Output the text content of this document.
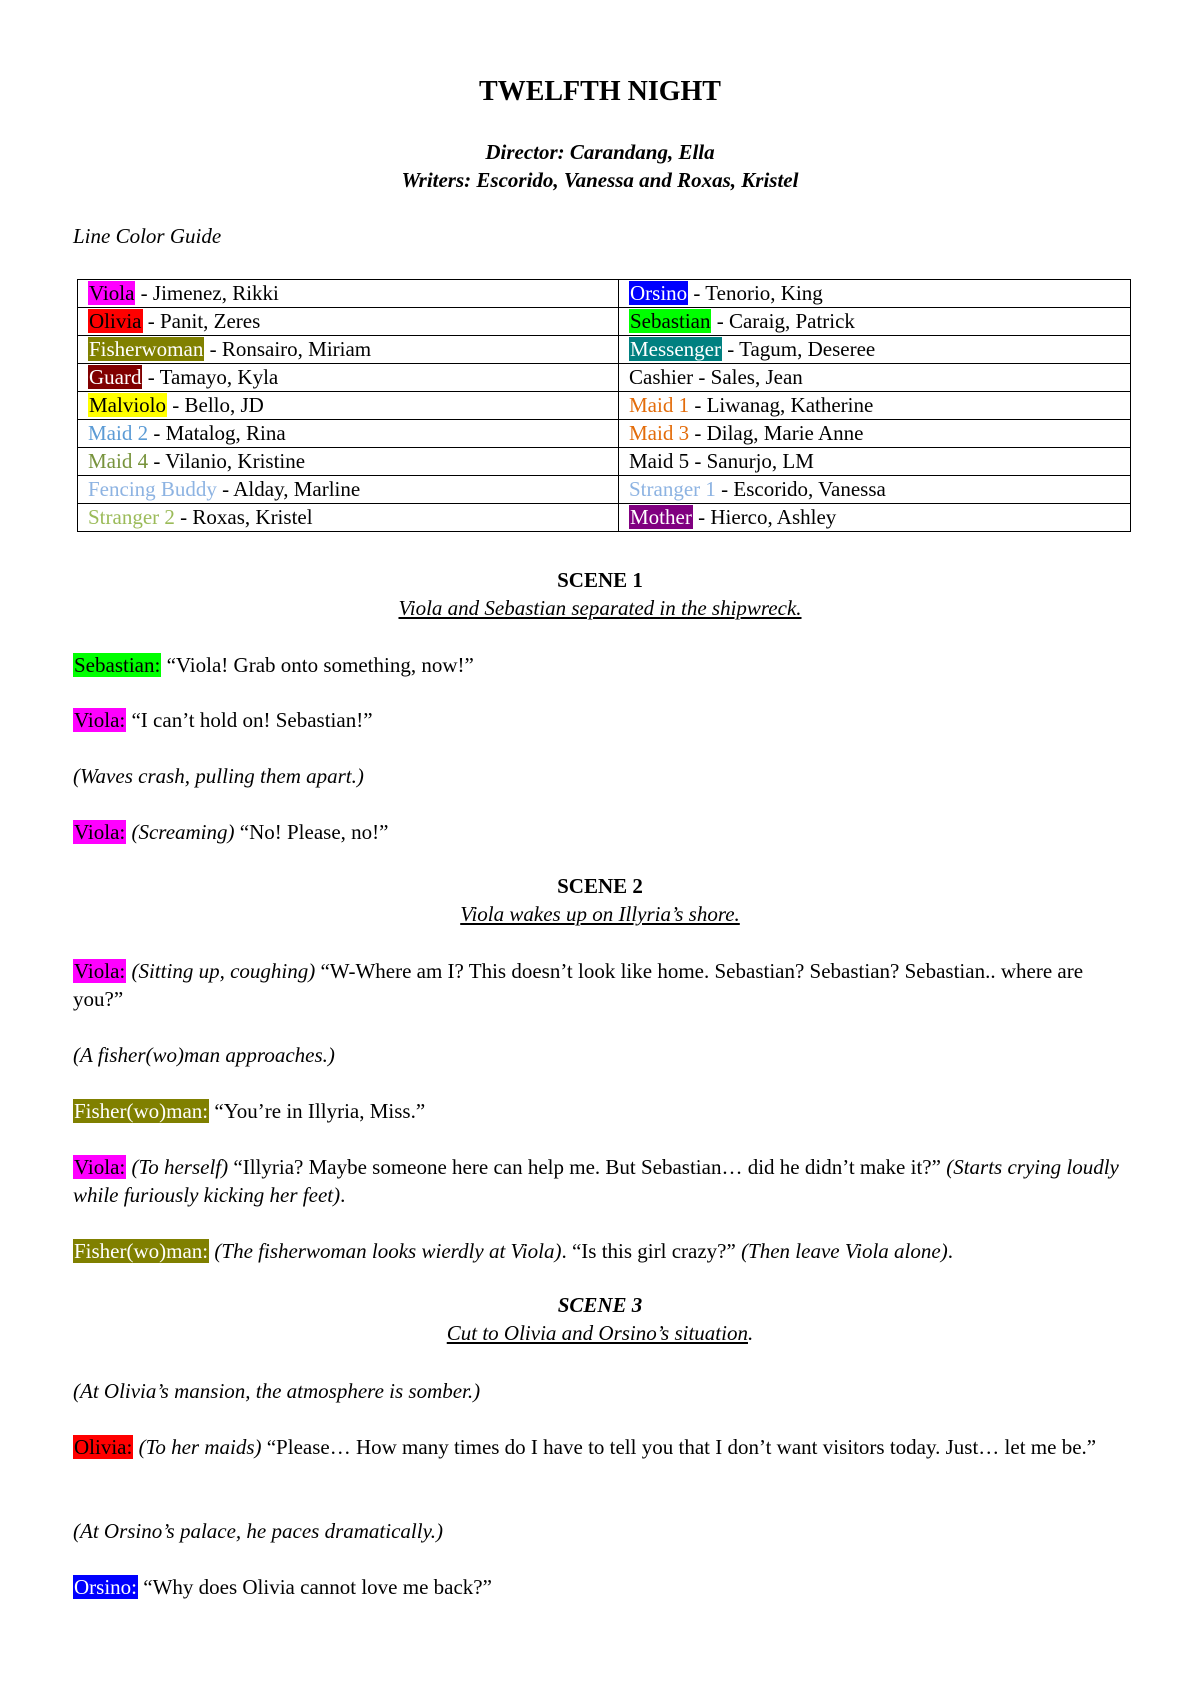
TWELFTH NIGHT
Director: Carandang, Ella
Writers: Escorido, Vanessa and Roxas, Kristel
Line Color Guide
Viola - Jimenez, Rikki	Orsino - Tenorio, King
Olivia - Panit, Zeres	Sebastian - Caraig, Patrick
Fisherwoman - Ronsairo, Miriam	Messenger - Tagum, Deseree
Guard - Tamayo, Kyla	Cashier - Sales, Jean
Malviolo - Bello, JD	Maid 1 - Liwanag, Katherine
Maid 2 - Matalog, Rina	Maid 3 - Dilag, Marie Anne
Maid 4 - Vilanio, Kristine	Maid 5 - Sanurjo, LM
Fencing Buddy - Alday, Marline	Stranger 1 - Escorido, Vanessa
Stranger 2 - Roxas, Kristel	Mother - Hierco, Ashley
SCENE 1
Viola and Sebastian separated in the shipwreck.
Sebastian: “Viola! Grab onto something, now!”
Viola: “I can’t hold on! Sebastian!”
(Waves crash, pulling them apart.)
Viola: (Screaming) “No! Please, no!”
SCENE 2
Viola wakes up on Illyria’s shore.
Viola: (Sitting up, coughing) “W-Where am I? This doesn’t look like home. Sebastian? Sebastian? Sebastian.. where are you?”
(A fisher(wo)man approaches.)
Fisher(wo)man: “You’re in Illyria, Miss.”
Viola: (To herself) “Illyria? Maybe someone here can help me. But Sebastian… did he didn’t make it?” (Starts crying loudly while furiously kicking her feet).
Fisher(wo)man: (The fisherwoman looks wierdly at Viola). “Is this girl crazy?” (Then leave Viola alone).
SCENE 3
Cut to Olivia and Orsino’s situation.
(At Olivia’s mansion, the atmosphere is somber.)
Olivia: (To her maids) “Please… How many times do I have to tell you that I don’t want visitors today. Just… let me be.”
(At Orsino’s palace, he paces dramatically.)
Orsino: “Why does Olivia cannot love me back?”
